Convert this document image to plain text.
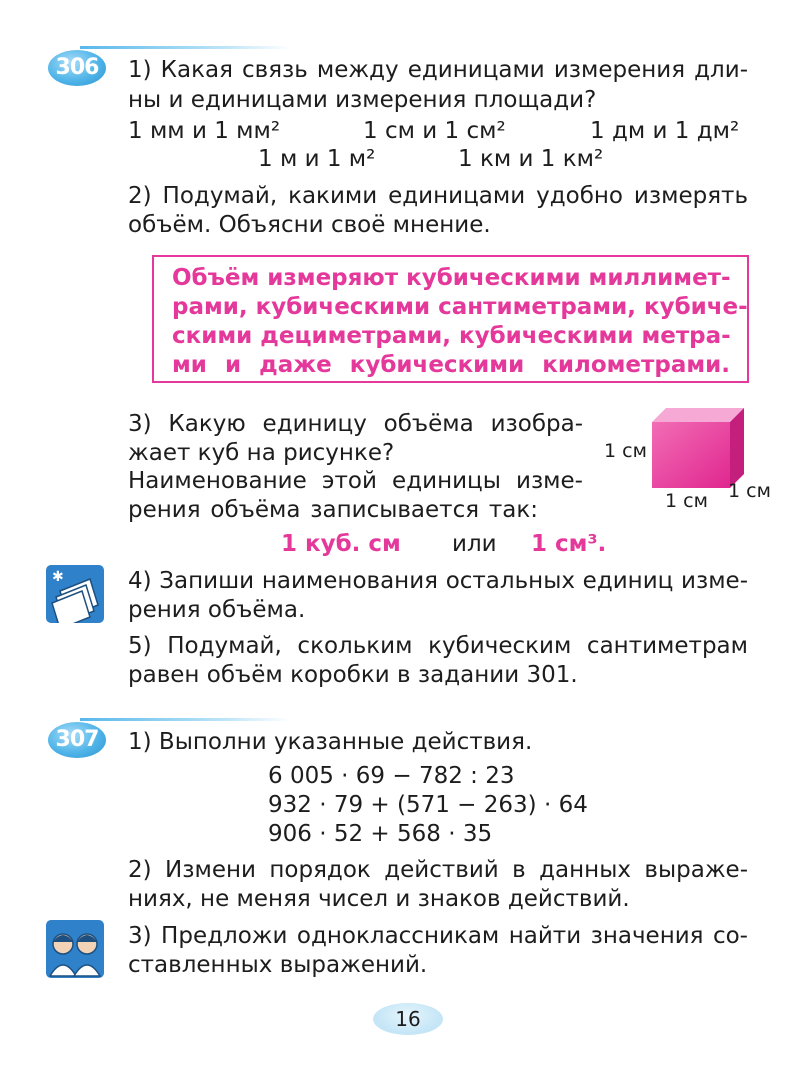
306	1) Какая связь между единицами измерения дли-
ны и единицами измерения площади?
1 мм и 1 мм²	1 см и 1 см²	1 дм и 1 дм²
1 м и 1 м²	1 км и 1 км²
2) Подумай, какими единицами удобно измерять
объём. Объясни своё мнение.
Объём измеряют кубическими миллимет-
рами, кубическими сантиметрами, кубиче-
скими дециметрами, кубическими метра-
ми и даже кубическими километрами.
3) Какую единицу объёма изобра-
жает куб на рисунке?
Наименование этой единицы изме-
рения объёма записывается так:
1 см
1 см 1 см
1 куб. см или 1 см³.
✱	4) Запиши наименования остальных единиц изме-
рения объёма.
5) Подумай, скольким кубическим сантиметрам
равен объём коробки в задании 301.
307	1) Выполни указанные действия.
6 005 · 69 − 782 : 23
932 · 79 + (571 − 263) · 64
906 · 52 + 568 · 35
2) Измени порядок действий в данных выраже-
ниях, не меняя чисел и знаков действий.
3) Предложи одноклассникам найти значения со-
ставленных выражений.
16
